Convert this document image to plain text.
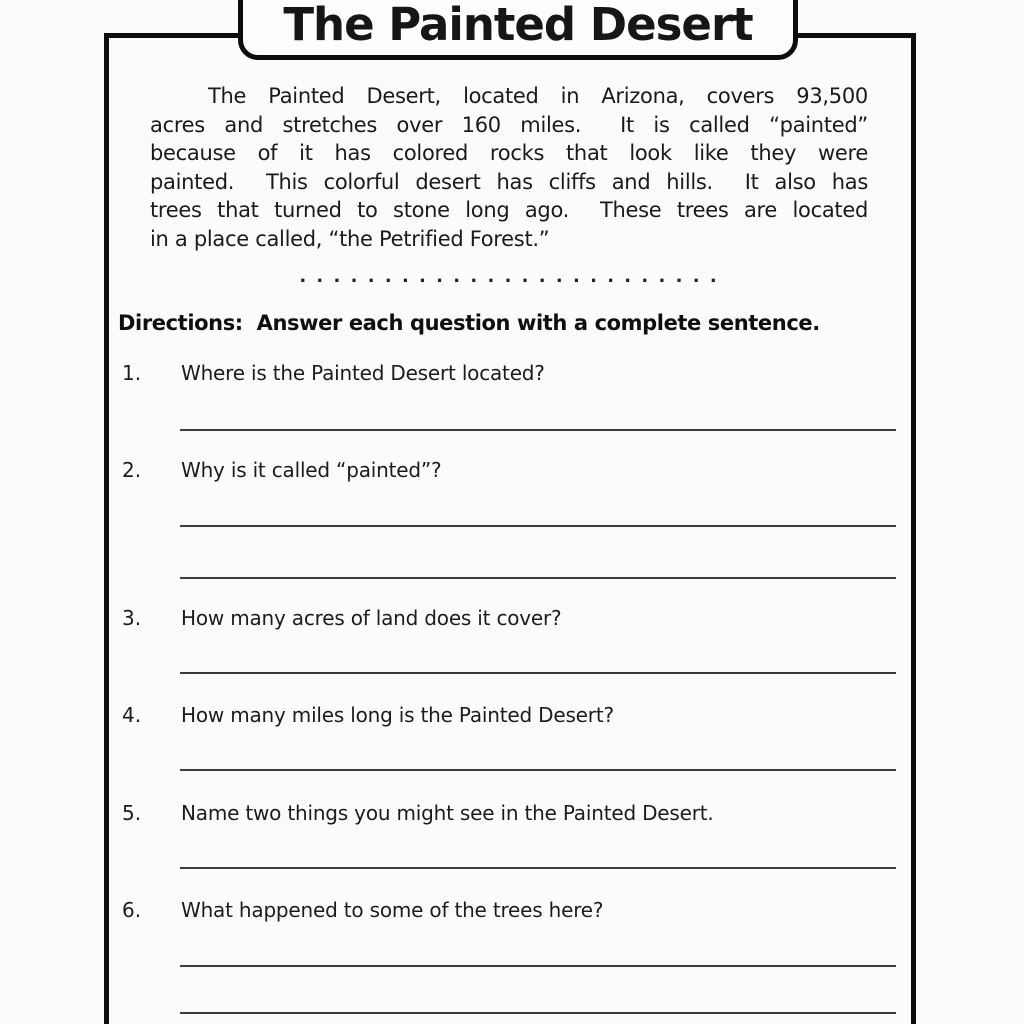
The Painted Desert
The Painted Desert, located in Arizona, covers 93,500
acres and stretches over 160 miles.  It is called “painted”
because of it has colored rocks that look like they were
painted.  This colorful desert has cliffs and hills.  It also has
trees that turned to stone long ago.  These trees are located
in a place called, “the Petrified Forest.”
. . . . . . . . . . . . . . . . . . . . . . . . .
Directions:  Answer each question with a complete sentence.
1. Where is the Painted Desert located?
2. Why is it called “painted”?
3. How many acres of land does it cover?
4. How many miles long is the Painted Desert?
5. Name two things you might see in the Painted Desert.
6. What happened to some of the trees here?
